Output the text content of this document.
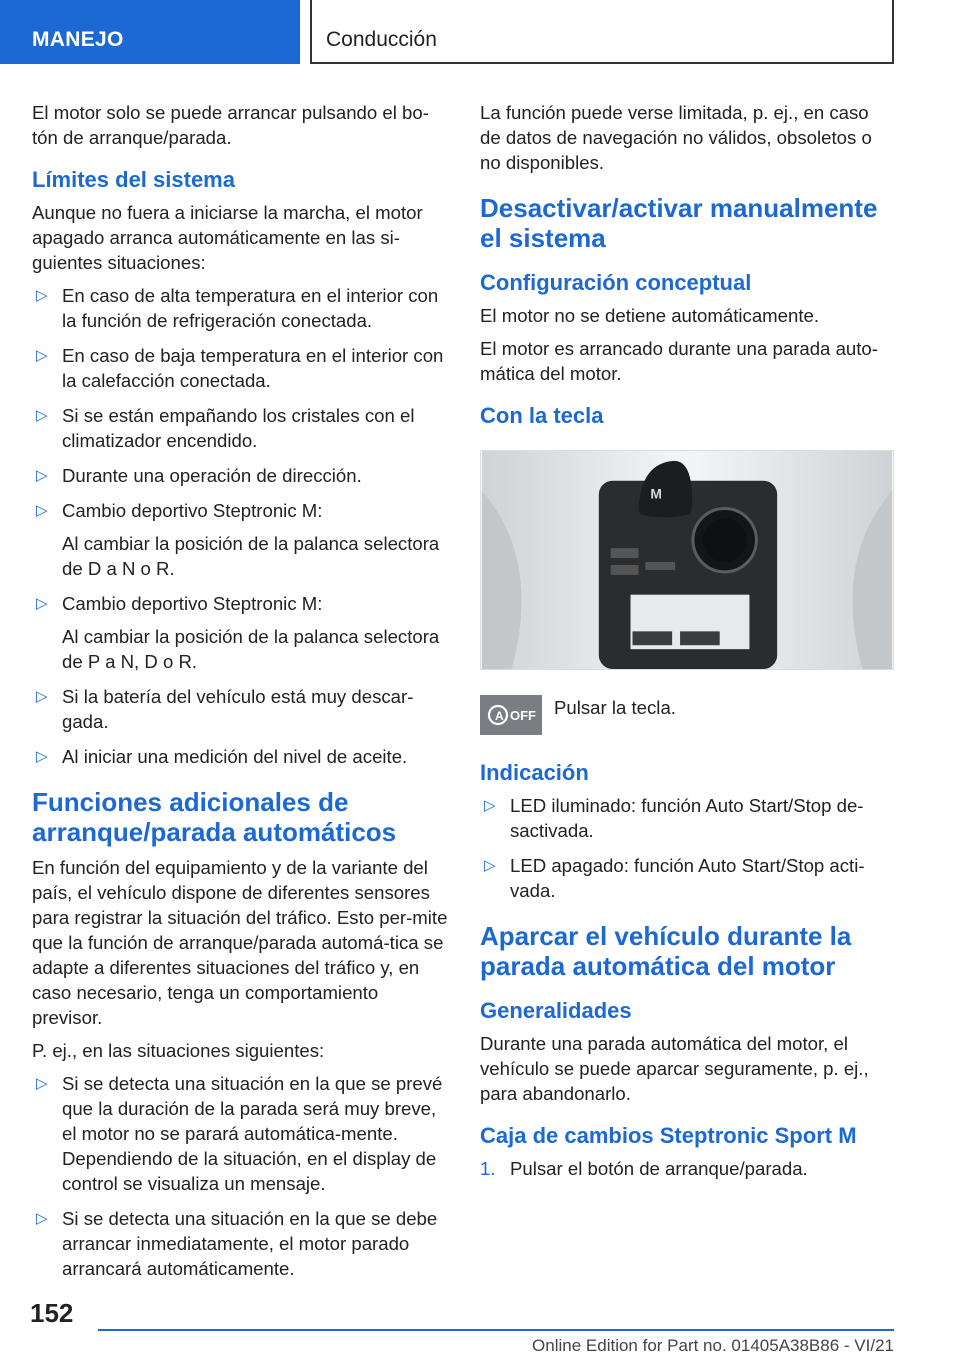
MANEJO	Conducción

El motor solo se puede arrancar pulsando el bo-tón de arranque/parada.

Límites del sistema

Aunque no fuera a iniciarse la marcha, el motor apagado arranca automáticamente en las si-guientes situaciones:

▷ En caso de alta temperatura en el interior con la función de refrigeración conectada.
▷ En caso de baja temperatura en el interior con la calefacción conectada.
▷ Si se están empañando los cristales con el climatizador encendido.
▷ Durante una operación de dirección.
▷ Cambio deportivo Steptronic M:
Al cambiar la posición de la palanca selectora de D a N o R.
▷ Cambio deportivo Steptronic M:
Al cambiar la posición de la palanca selectora de P a N, D o R.
▷ Si la batería del vehículo está muy descar-gada.
▷ Al iniciar una medición del nivel de aceite.
Funciones adicionales de arranque/parada automáticos

En función del equipamiento y de la variante del país, el vehículo dispone de diferentes sensores para registrar la situación del tráfico. Esto per-mite que la función de arranque/parada automá-tica se adapte a diferentes situaciones del tráfico y, en caso necesario, tenga un comportamiento previsor.

P. ej., en las situaciones siguientes:

▷ Si se detecta una situación en la que se prevé que la duración de la parada será muy breve, el motor no se parará automática-mente. Dependiendo de la situación, en el display de control se visualiza un mensaje.
▷ Si se detecta una situación en la que se debe arrancar inmediatamente, el motor parado arrancará automáticamente.

La función puede verse limitada, p. ej., en caso de datos de navegación no válidos, obsoletos o no disponibles.

Desactivar/activar manualmente el sistema
Configuración conceptual

El motor no se detiene automáticamente.

El motor es arrancado durante una parada auto-mática del motor.

Con la tecla
M
A OFF Pulsar la tecla.

Indicación
▷ LED iluminado: función Auto Start/Stop de-sactivada.
▷ LED apagado: función Auto Start/Stop acti-vada.
Aparcar el vehículo durante la parada automática del motor
Generalidades

Durante una parada automática del motor, el vehículo se puede aparcar seguramente, p. ej., para abandonarlo.

Caja de cambios Steptronic Sport M
1. Pulsar el botón de arranque/parada.
152
Online Edition for Part no. 01405A38B86 - VI/21
